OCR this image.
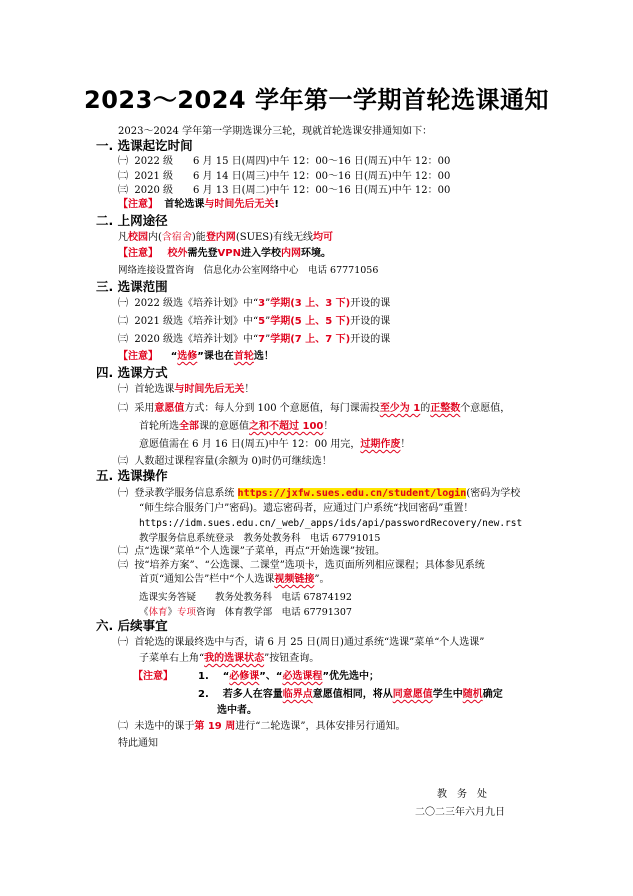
2023～2024 学年第一学期首轮选课通知
2023～2024 学年第一学期选课分三轮，现就首轮选课安排通知如下：
一. 选课起讫时间
㈠ 2022 级　　6 月 15 日(周四)中午 12：00～16 日(周五)中午 12：00
㈡ 2021 级　　6 月 14 日(周三)中午 12：00～16 日(周五)中午 12：00
㈢ 2020 级　　6 月 13 日(周二)中午 12：00～16 日(周五)中午 12：00
【注意】 首轮选课与时间先后无关!
二. 上网途径
凡校园内(含宿舍)能登内网(SUES)有线无线均可
【注意】 校外需先登VPN进入学校内网环境。
网络连接设置咨询　信息化办公室网络中心　电话 67771056
三. 选课范围
㈠ 2022 级选《培养计划》中“3”学期(3 上、3 下)开设的课
㈡ 2021 级选《培养计划》中“5”学期(5 上、5 下)开设的课
㈢ 2020 级选《培养计划》中“7”学期(7 上、7 下)开设的课
【注意】 “选修”课也在首轮选！
四. 选课方式
㈠ 首轮选课与时间先后无关！
㈡ 采用意愿值方式：每人分到 100 个意愿值，每门课需投至少为 1的正整数个意愿值，
首轮所选全部课的意愿值之和不超过 100！
意愿值需在 6 月 16 日(周五)中午 12：00 用完，过期作废！
㈢ 人数超过课程容量(余额为 0)时仍可继续选！
五. 选课操作
㈠ 登录教学服务信息系统 https://jxfw.sues.edu.cn/student/login(密码为学校
“师生综合服务门户”密码)。遗忘密码者，应通过门户系统“找回密码”重置！
https://idm.sues.edu.cn/_web/_apps/ids/api/passwordRecovery/new.rst
教学服务信息系统登录　教务处教务科　电话 67791015
㈡ 点“选课”菜单“个人选课”子菜单，再点“开始选课”按钮。
㈢ 按“培养方案”、“公选课、二课堂”选项卡，选页面所列相应课程；具体参见系统
首页“通知公告”栏中“个人选课视频链接”。
选课实务答疑　　教务处教务科　电话 67874192
《体育》专项咨询　体育教学部　电话 67791307
六. 后续事宜
㈠ 首轮选的课最终选中与否，请 6 月 25 日(周日)通过系统“选课”菜单“个人选课”
子菜单右上角“我的选课状态”按钮查询。
【注意】	1. “必修课”、“必选课程”优先选中；
2. 若多人在容量临界点意愿值相同，将从同意愿值学生中随机确定
选中者。
㈡ 未选中的课于第 19 周进行“二轮选课”，具体安排另行通知。
特此通知
教　务　处
二〇二三年六月九日
